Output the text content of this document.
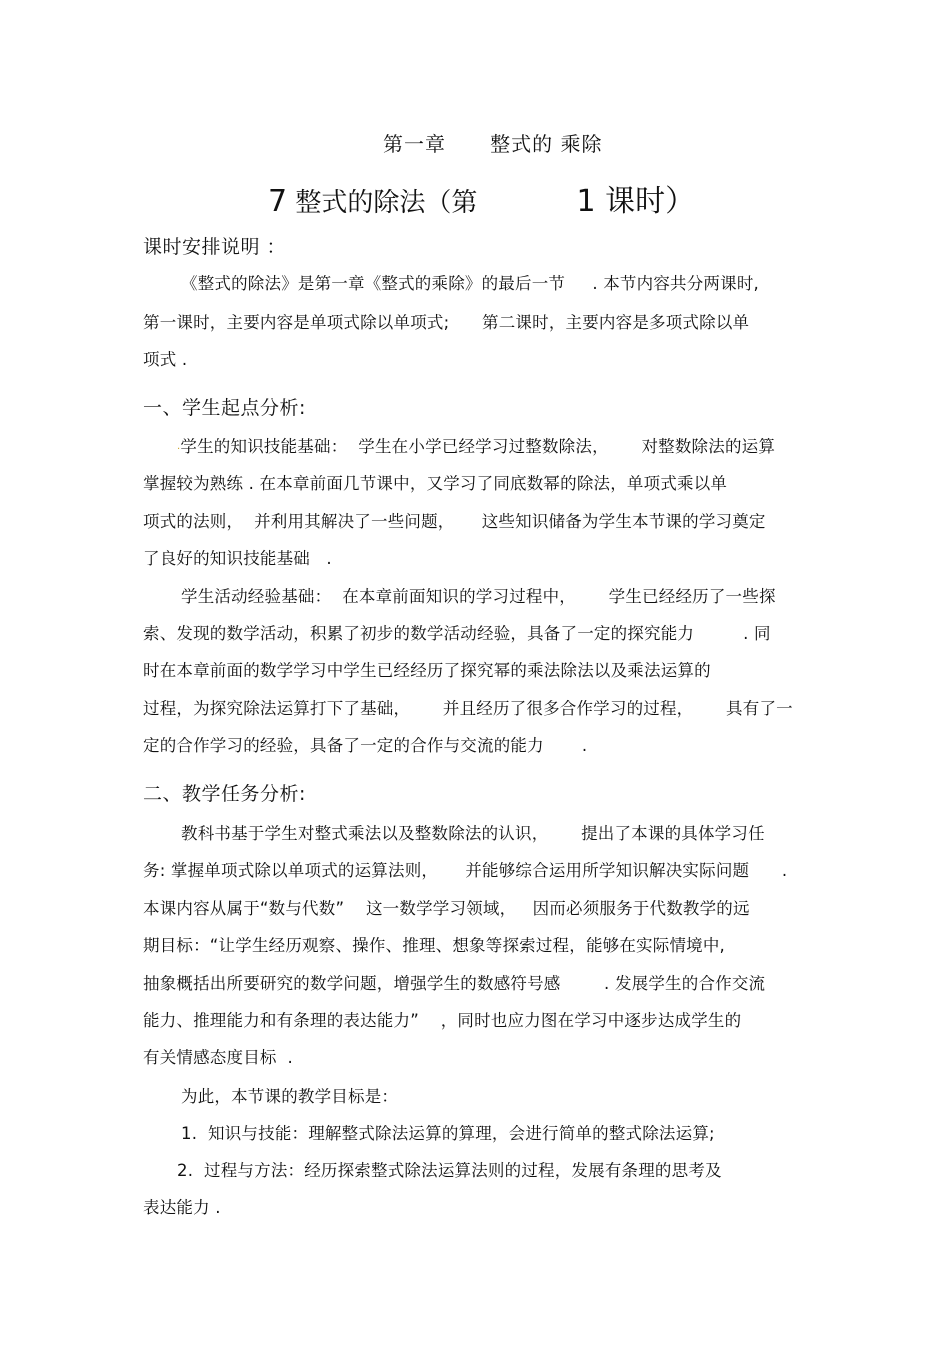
第一章      整式的 乘除
7 整式的除法（第            1 课时）
课时安排说明 ：
《整式的除法》是第一章《整式的乘除》的最后一节     . 本节内容共分两课时,
第一课时，主要内容是单项式除以单项式;      第二课时，主要内容是多项式除以单
项式 .
一、学生起点分析:
·学生的知识技能基础：  学生在小学已经学习过整数除法，      对整数除法的运算
掌握较为熟练 . 在本章前面几节课中，又学习了同底数幂的除法，单项式乘以单
项式的法则，  并利用其解决了一些问题，     这些知识储备为学生本节课的学习奠定
了良好的知识技能基础   .
学生活动经验基础：  在本章前面知识的学习过程中，      学生已经经历了一些探
索、发现的数学活动，积累了初步的数学活动经验，具备了一定的探究能力         . 同
时在本章前面的数学学习中学生已经经历了探究幂的乘法除法以及乘法运算的
过程，为探究除法运算打下了基础，      并且经历了很多合作学习的过程，      具有了一
定的合作学习的经验，具备了一定的合作与交流的能力       .
二、教学任务分析:
教科书基于学生对整式乘法以及整数除法的认识，      提出了本课的具体学习任
务: 掌握单项式除以单项式的运算法则，     并能够综合运用所学知识解决实际问题      .
本课内容从属于“数与代数”    这一数学学习领域，   因而必须服务于代数教学的远
期目标：“让学生经历观察、操作、推理、想象等探索过程，能够在实际情境中,
抽象概括出所要研究的数学问题，增强学生的数感符号感        . 发展学生的合作交流
能力、推理能力和有条理的表达能力”    ，同时也应力图在学习中逐步达成学生的
有关情感态度目标  .
为此，本节课的教学目标是：
1.  知识与技能：理解整式除法运算的算理，会进行简单的整式除法运算;
2.  过程与方法：经历探索整式除法运算法则的过程，发展有条理的思考及
表达能力 .
